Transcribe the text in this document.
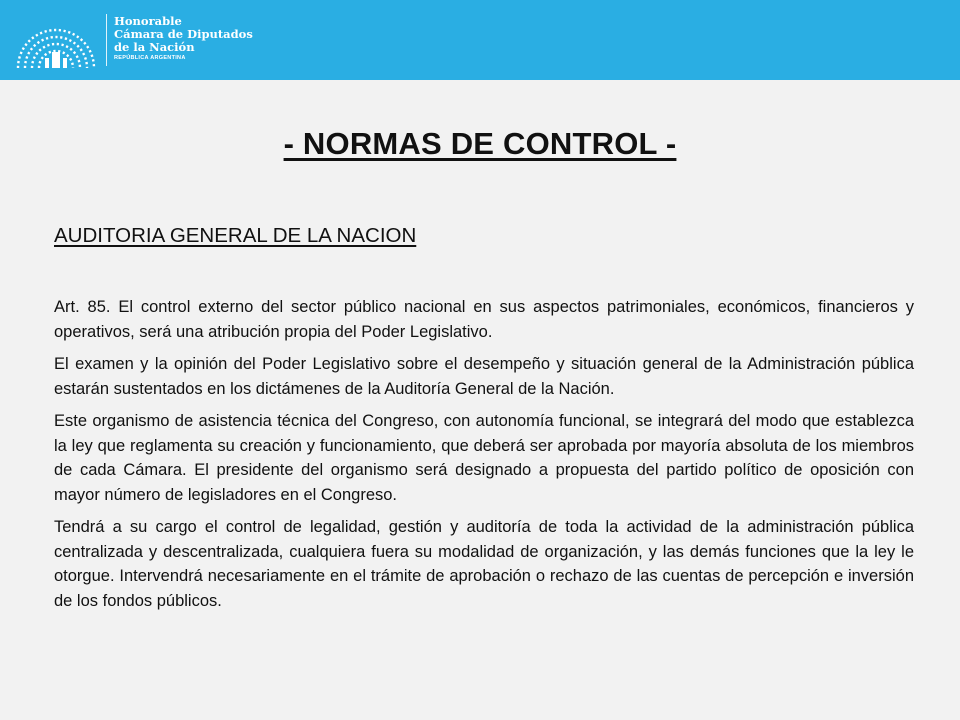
Honorable
Cámara de Diputados
de la Nación
REPÚBLICA ARGENTINA
- NORMAS DE CONTROL -
AUDITORIA GENERAL DE LA NACION

Art. 85. El control externo del sector público nacional en sus aspectos patrimoniales, económicos, financieros y operativos, será una atribución propia del Poder Legislativo.

El examen y la opinión del Poder Legislativo sobre el desempeño y situación general de la Administración pública estarán sustentados en los dictámenes de la Auditoría General de la Nación.

Este organismo de asistencia técnica del Congreso, con autonomía funcional, se integrará del modo que establezca la ley que reglamenta su creación y funcionamiento, que deberá ser aprobada por mayoría absoluta de los miembros de cada Cámara. El presidente del organismo será designado a propuesta del partido político de oposición con mayor número de legisladores en el Congreso.

Tendrá a su cargo el control de legalidad, gestión y auditoría de toda la actividad de la administración pública centralizada y descentralizada, cualquiera fuera su modalidad de organización, y las demás funciones que la ley le otorgue. Intervendrá necesariamente en el trámite de aprobación o rechazo de las cuentas de percepción e inversión de los fondos públicos.
